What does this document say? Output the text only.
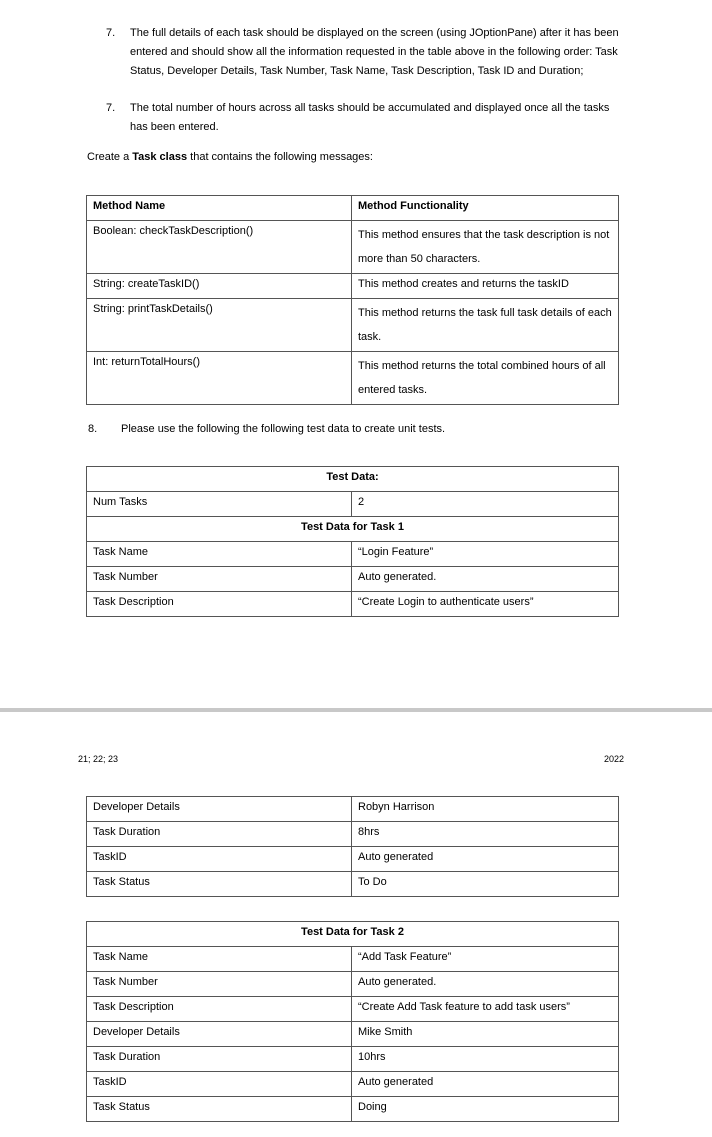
7. The full details of each task should be displayed on the screen (using JOptionPane) after it has been entered and should show all the information requested in the table above in the following order: Task Status, Developer Details, Task Number, Task Name, Task Description, Task ID and Duration;
7. The total number of hours across all tasks should be accumulated and displayed once all the tasks has been entered.
Create a Task class that contains the following messages:
Method Name	Method Functionality
Boolean: checkTaskDescription()	This method ensures that the task description is not more than 50 characters.
String: createTaskID()	This method creates and returns the taskID
String: printTaskDetails()	This method returns the task full task details of each task.
Int: returnTotalHours()	This method returns the total combined hours of all entered tasks.
8. Please use the following the following test data to create unit tests.
Test Data:	
Num Tasks	2
Test Data for Task 1	
Task Name	“Login Feature”
Task Number	Auto generated.
Task Description	“Create Login to authenticate users”
21; 22; 23	2022
Developer Details	Robyn Harrison
Task Duration	8hrs
TaskID	Auto generated
Task Status	To Do
Test Data for Task 2	
Task Name	“Add Task Feature”
Task Number	Auto generated.
Task Description	“Create Add Task feature to add task users”
Developer Details	Mike Smith
Task Duration	10hrs
TaskID	Auto generated
Task Status	Doing
